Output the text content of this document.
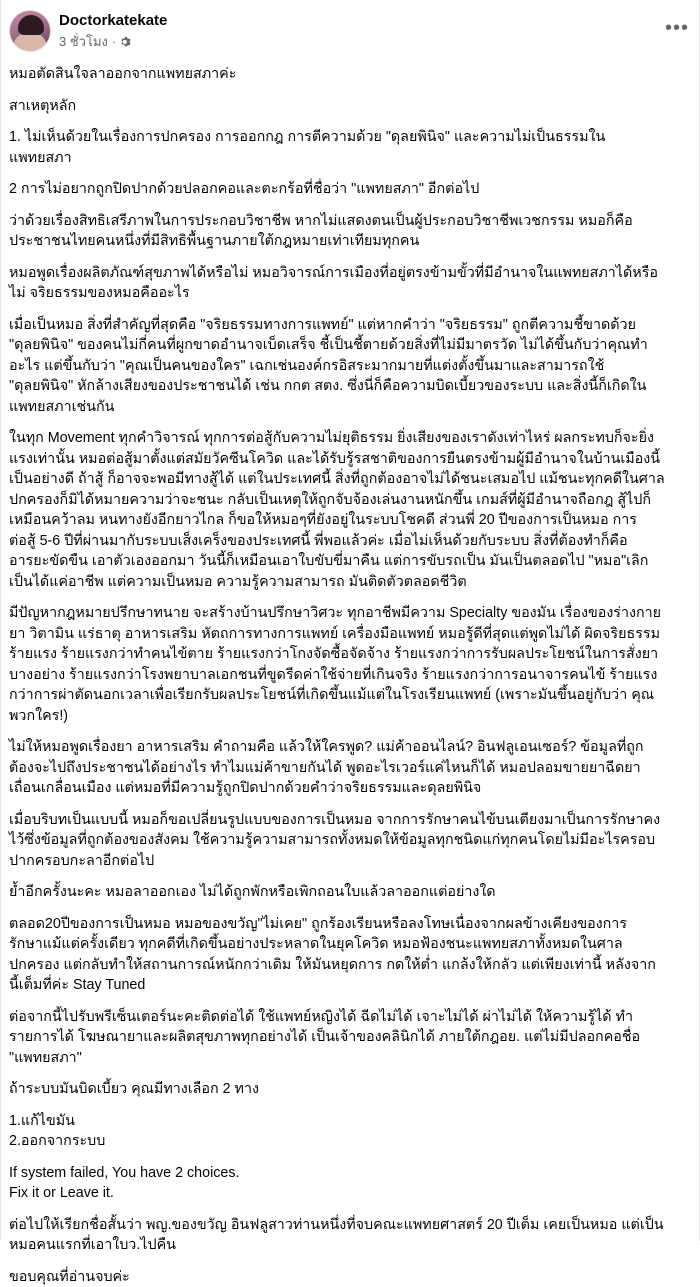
Doctorkatekate
3 ชั่วโมง ·
•••

หมอตัดสินใจลาออกจากแพทยสภาค่ะ

สาเหตุหลัก

1. ไม่เห็นด้วยในเรื่องการปกครอง การออกกฎ การตีความด้วย "ดุลยพินิจ" และความไม่เป็นธรรมใน
แพทยสภา

2 การไม่อยากถูกปิดปากด้วยปลอกคอและตะกร้อที่ชื่อว่า "แพทยสภา" อีกต่อไป

ว่าด้วยเรื่องสิทธิเสรีภาพในการประกอบวิชาชีพ หากไม่แสดงตนเป็นผู้ประกอบวิชาชีพเวชกรรม หมอก็คือ
ประชาชนไทยคนหนึ่งที่มีสิทธิพื้นฐานภายใต้กฎหมายเท่าเทียมทุกคน

หมอพูดเรื่องผลิตภัณฑ์สุขภาพได้หรือไม่ หมอวิจารณ์การเมืองที่อยู่ตรงข้ามขั้วที่มีอำนาจในแพทยสภาได้หรือ
ไม่ จริยธรรมของหมอคืออะไร

เมื่อเป็นหมอ สิ่งที่สำคัญที่สุดคือ "จริยธรรมทางการแพทย์" แต่หากคำว่า "จริยธรรม" ถูกตีความชี้ขาดด้วย
"ดุลยพินิจ" ของคนไม่กี่คนที่ผูกขาดอำนาจเบ็ดเสร็จ ชี้เป็นชี้ตายด้วยสิ่งที่ไม่มีมาตรวัด ไม่ได้ขึ้นกับว่าคุณทำ
อะไร แต่ขึ้นกับว่า "คุณเป็นคนของใคร" เฉกเช่นองค์กรอิสระมากมายที่แต่งตั้งขึ้นมาและสามารถใช้
"ดุลยพินิจ" หักล้างเสียงของประชาชนได้ เช่น กกต สตง. ซึ่งนี่ก็คือความบิดเบี้ยวของระบบ และสิ่งนี้ก็เกิดใน
แพทยสภาเช่นกัน

ในทุก Movement ทุกคำวิจารณ์ ทุกการต่อสู้กับความไม่ยุติธรรม ยิ่งเสียงของเราดังเท่าไหร่ ผลกระทบก็จะยิ่ง
แรงเท่านั้น หมอต่อสู้มาตั้งแต่สมัยวัคซีนโควิด และได้รับรู้รสชาติของการยืนตรงข้ามผู้มีอำนาจในบ้านเมืองนี้
เป็นอย่างดี ถ้าสู้ ก็อาจจะพอมีทางสู้ได้ แต่ในประเทศนี้ สิ่งที่ถูกต้องอาจไม่ได้ชนะเสมอไป แม้ชนะทุกคดีในศาล
ปกครองก็มิได้หมายความว่าจะชนะ กลับเป็นเหตุให้ถูกจับจ้องเล่นงานหนักขึ้น เกมส์ที่ผู้มีอำนาจถือกฎ สู้ไปก็
เหมือนคว้าลม หนทางยังอีกยาวไกล ก็ขอให้หมอๆที่ยังอยู่ในระบบโชคดี ส่วนพี่ 20 ปีของการเป็นหมอ การ
ต่อสู้ 5-6 ปีที่ผ่านมากับระบบเส็งเคร็งของประเทศนี้ พี่พอแล้วค่ะ เมื่อไม่เห็นด้วยกับระบบ สิ่งที่ต้องทำก็คือ
อารยะขัดขืน เอาตัวเองออกมา วันนี้ก็เหมือนเอาใบขับขี่มาคืน แต่การขับรถเป็น มันเป็นตลอดไป "หมอ"เลิก
เป็นได้แค่อาชีพ แต่ความเป็นหมอ ความรู้ความสามารถ มันติดตัวตลอดชีวิต

มีปัญหากฎหมายปรึกษาทนาย จะสร้างบ้านปรึกษาวิศวะ ทุกอาชีพมีความ Specialty ของมัน เรื่องของร่างกาย
ยา วิตามิน แร่ธาตุ อาหารเสริม หัตถการทางการแพทย์ เครื่องมือแพทย์ หมอรู้ดีที่สุดแต่พูดไม่ได้ ผิดจริยธรรม
ร้ายแรง ร้ายแรงกว่าทำคนไข้ตาย ร้ายแรงกว่าโกงจัดซื้อจัดจ้าง ร้ายแรงกว่าการรับผลประโยชน์ในการสั่งยา
บางอย่าง ร้ายแรงกว่าโรงพยาบาลเอกชนที่ขูดรีดค่าใช้จ่ายที่เกินจริง ร้ายแรงกว่าการอนาจารคนไข้ ร้ายแรง
กว่าการผ่าตัดนอกเวลาเพื่อเรียกรับผลประโยชน์ที่เกิดขึ้นแม้แต่ในโรงเรียนแพทย์ (เพราะมันขึ้นอยู่กับว่า คุณ
พวกใคร!)

ไม่ให้หมอพูดเรื่องยา อาหารเสริม คำถามคือ แล้วให้ใครพูด? แม่ค้าออนไลน์? อินฟลูเอนเซอร์? ข้อมูลที่ถูก
ต้องจะไปถึงประชาชนได้อย่างไร ทำไมแม่ค้าขายกันได้ พูดอะไรเวอร์แค่ไหนก็ได้ หมอปลอมขายยาฉีดยา
เถื่อนเกลื่อนเมือง แต่หมอที่มีความรู้ถูกปิดปากด้วยคำว่าจริยธรรมและดุลยพินิจ

เมื่อบริบทเป็นแบบนี้ หมอก็ขอเปลี่ยนรูปแบบของการเป็นหมอ จากการรักษาคนไข้บนเตียงมาเป็นการรักษาคง
ไว้ซึ่งข้อมูลที่ถูกต้องของสังคม ใช้ความรู้ความสามารถทั้งหมดให้ข้อมูลทุกชนิดแก่ทุกคนโดยไม่มีอะไรครอบ
ปากครอบกะลาอีกต่อไป

ย้ำอีกครั้งนะคะ หมอลาออกเอง ไม่ได้ถูกพักหรือเพิกถอนใบแล้วลาออกแต่อย่างใด

ตลอด20ปีของการเป็นหมอ หมอของขวัญ"ไม่เคย" ถูกร้องเรียนหรือลงโทษเนื่องจากผลข้างเคียงของการ
รักษาแม้แต่ครั้งเดียว ทุกคดีที่เกิดขึ้นอย่างประหลาดในยุคโควิด หมอฟ้องชนะแพทยสภาทั้งหมดในศาล
ปกครอง แต่กลับทำให้สถานการณ์หนักกว่าเดิม ให้มันหยุดการ กดให้ต่ำ แกล้งให้กลัว แต่เพียงเท่านี้ หลังจาก
นี้เต็มที่ค่ะ Stay Tuned

ต่อจากนี้ไปรับพรีเซ็นเตอร์นะคะติดต่อได้ ใช้แพทย์หญิงได้ ฉีดไม่ได้ เจาะไม่ได้ ผ่าไม่ได้ ให้ความรู้ได้ ทำ
รายการได้ โฆษณายาและผลิตสุขภาพทุกอย่างได้ เป็นเจ้าของคลินิกได้ ภายใต้กฎอย. แต่ไม่มีปลอกคอชื่อ
"แพทยสภา"

ถ้าระบบมันบิดเบี้ยว คุณมีทางเลือก 2 ทาง

1.แก้ไขมัน
2.ออกจากระบบ

If system failed, You have 2 choices.
Fix it or Leave it.

ต่อไปให้เรียกชื่อสั้นว่า พญ.ของขวัญ อินฟลูสาวท่านหนึ่งที่จบคณะแพทยศาสตร์ 20 ปีเต็ม เคยเป็นหมอ แต่เป็น
หมอคนแรกที่เอาใบว.ไปคืน

ขอบคุณที่อ่านจบค่ะ
